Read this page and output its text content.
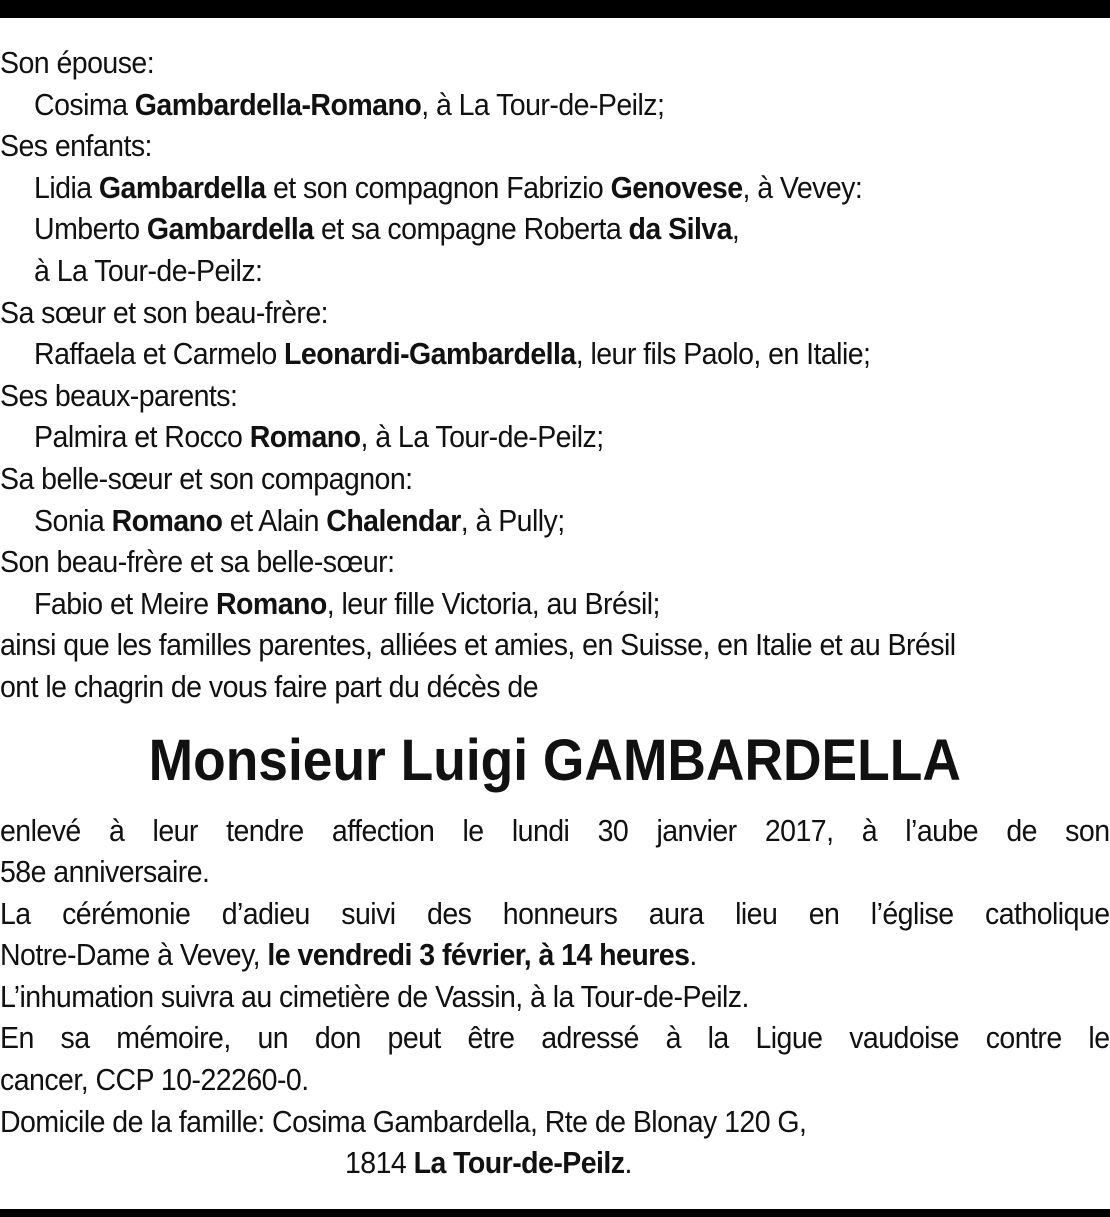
Son épouse:
Cosima Gambardella-Romano, à La Tour-de-Peilz;
Ses enfants:
Lidia Gambardella et son compagnon Fabrizio Genovese, à Vevey:
Umberto Gambardella et sa compagne Roberta da Silva,
à La Tour-de-Peilz:
Sa sœur et son beau-frère:
Raffaela et Carmelo Leonardi-Gambardella, leur fils Paolo, en Italie;
Ses beaux-parents:
Palmira et Rocco Romano, à La Tour-de-Peilz;
Sa belle-sœur et son compagnon:
Sonia Romano et Alain Chalendar, à Pully;
Son beau-frère et sa belle-sœur:
Fabio et Meire Romano, leur fille Victoria, au Brésil;
ainsi que les familles parentes, alliées et amies, en Suisse, en Italie et au Brésil
ont le chagrin de vous faire part du décès de
Monsieur Luigi GAMBARDELLA
enlevé à leur tendre affection le lundi 30 janvier 2017, à l’aube de son
58e anniversaire.
La cérémonie d’adieu suivi des honneurs aura lieu en l’église catholique
Notre-Dame à Vevey, le vendredi 3 février, à 14 heures.
L’inhumation suivra au cimetière de Vassin, à la Tour-de-Peilz.
En sa mémoire, un don peut être adressé à la Ligue vaudoise contre le
cancer, CCP 10-22260-0.
Domicile de la famille: Cosima Gambardella, Rte de Blonay 120 G,
1814 La Tour-de-Peilz.
